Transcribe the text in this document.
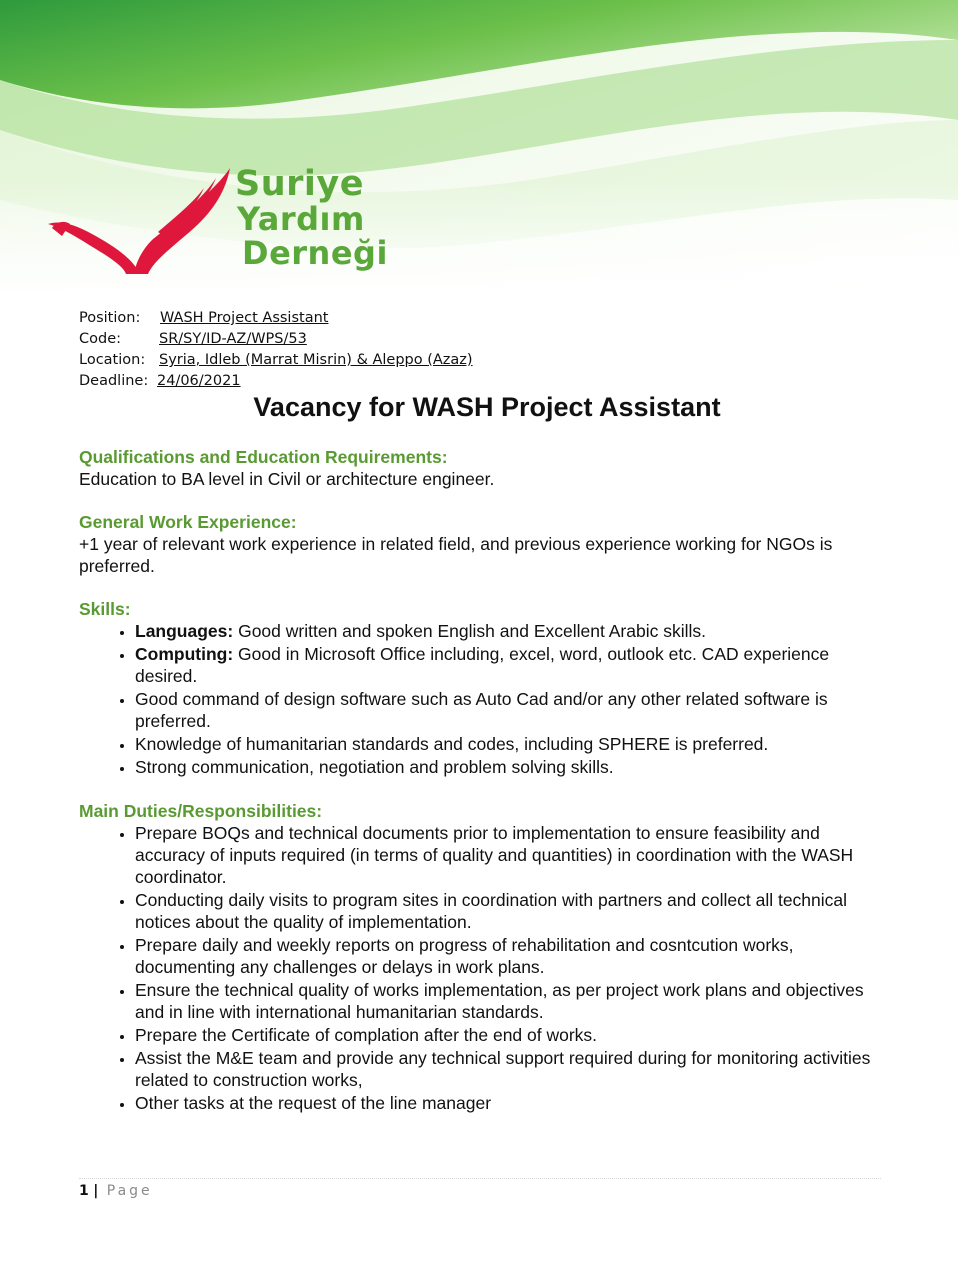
Suriye
Yardım
Derneği
Position: WASH Project Assistant
Code:	SR/SY/ID-AZ/WPS/53
Location: Syria, Idleb (Marrat Misrin) & Aleppo (Azaz)
Deadline: 24/06/2021
Vacancy for WASH Project Assistant

Qualifications and Education Requirements:

Education to BA level in Civil or architecture engineer.

General Work Experience:

+1 year of relevant work experience in related field, and previous experience working for NGOs is preferred.

Skills:

• Languages: Good written and spoken English and Excellent Arabic skills.
• Computing: Good in Microsoft Office including, excel, word, outlook etc. CAD experience desired.
• Good command of design software such as Auto Cad and/or any other related software is preferred.
• Knowledge of humanitarian standards and codes, including SPHERE is preferred.
• Strong communication, negotiation and problem solving skills.

Main Duties/Responsibilities:

• Prepare BOQs and technical documents prior to implementation to ensure feasibility and accuracy of inputs required (in terms of quality and quantities) in coordination with the WASH coordinator.
• Conducting daily visits to program sites in coordination with partners and collect all technical notices about the quality of implementation.
• Prepare daily and weekly reports on progress of rehabilitation and cosntcution works, documenting any challenges or delays in work plans.
• Ensure the technical quality of works implementation, as per project work plans and objectives and in line with international humanitarian standards.
• Prepare the Certificate of complation after the end of works.
• Assist the M&E team and provide any technical support required during for monitoring activities related to construction works,
• Other tasks at the request of the line manager
1 | Page
